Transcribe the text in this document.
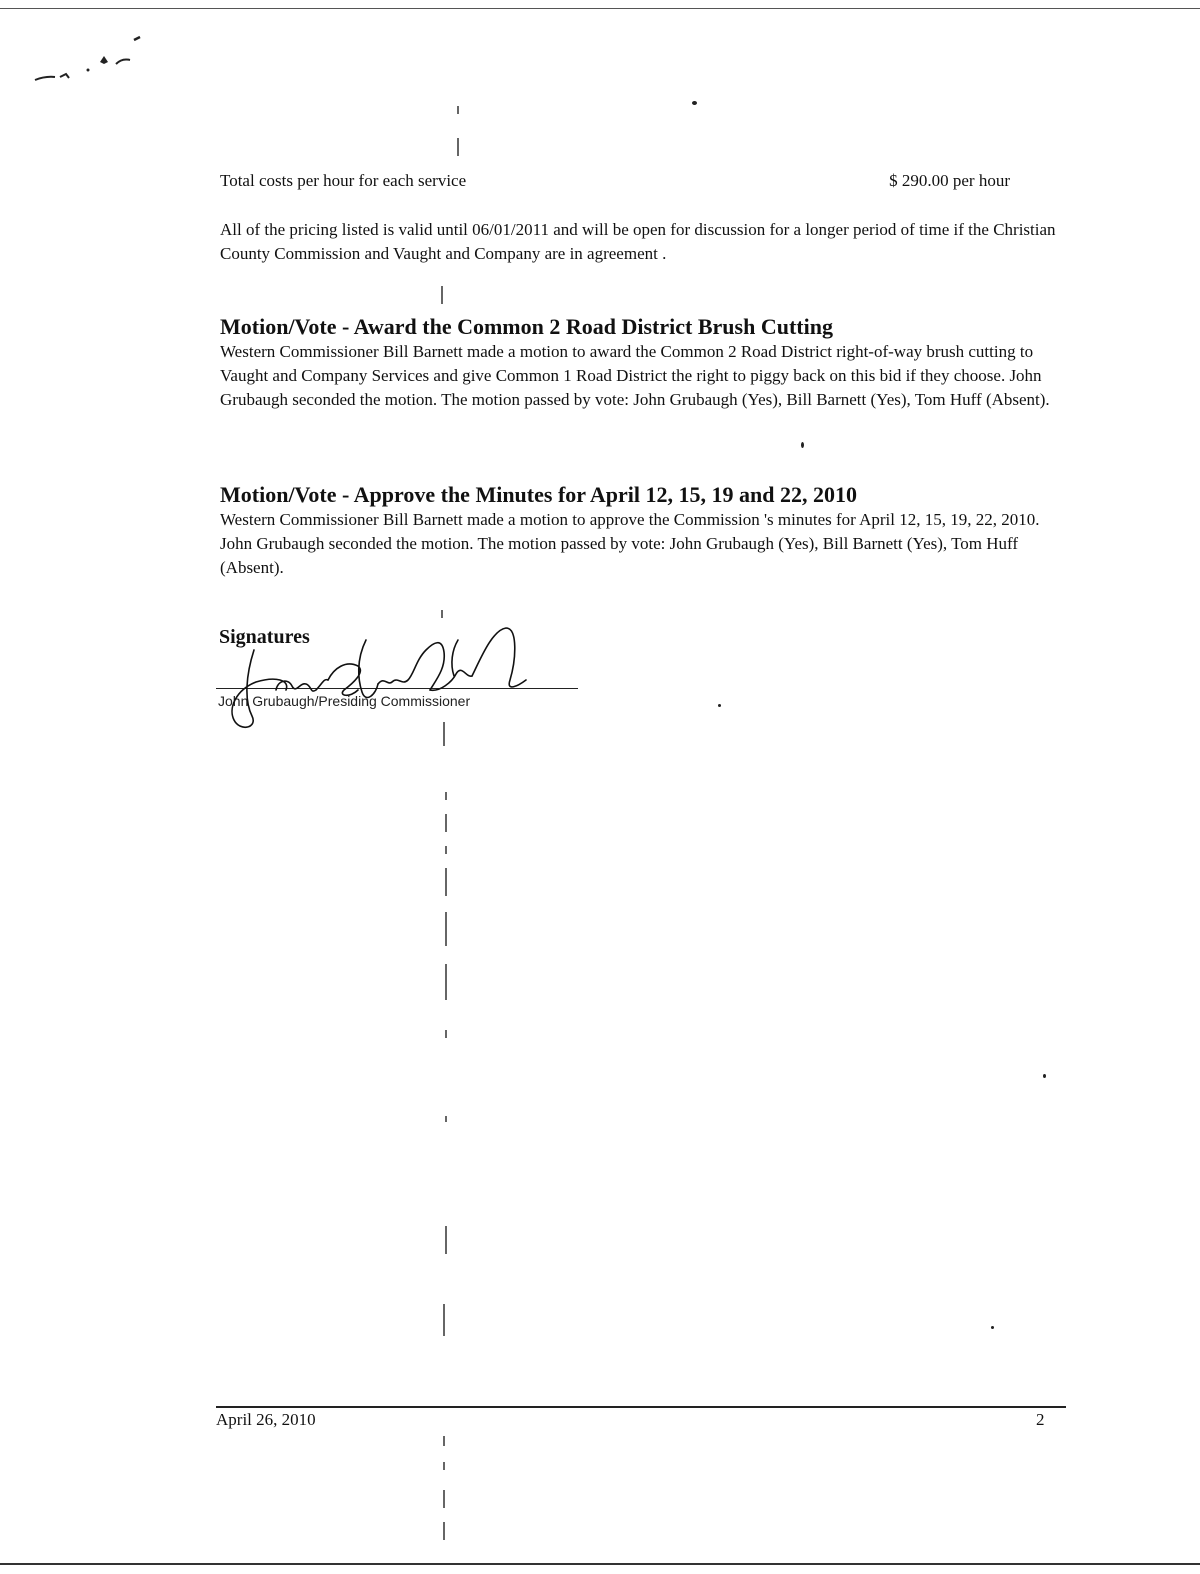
Total costs per hour for each service	$ 290.00 per hour

All of the pricing listed is valid until 06/01/2011 and will be open for discussion for a longer period of time if the Christian County Commission and Vaught and Company are in agreement .

Motion/Vote - Award the Common 2 Road District Brush Cutting

Western Commissioner Bill Barnett made a motion to award the Common 2 Road District right-of-way brush cutting to Vaught and Company Services and give Common 1 Road District the right to piggy back on this bid if they choose. John Grubaugh seconded the motion. The motion passed by vote: John Grubaugh (Yes), Bill Barnett (Yes), Tom Huff (Absent).

Motion/Vote - Approve the Minutes for April 12, 15, 19 and 22, 2010

Western Commissioner Bill Barnett made a motion to approve the Commission 's minutes for April 12, 15, 19, 22, 2010. John Grubaugh seconded the motion. The motion passed by vote: John Grubaugh (Yes), Bill Barnett (Yes), Tom Huff (Absent).

Signatures
John Grubaugh/Presiding Commissioner
April 26, 2010	2
